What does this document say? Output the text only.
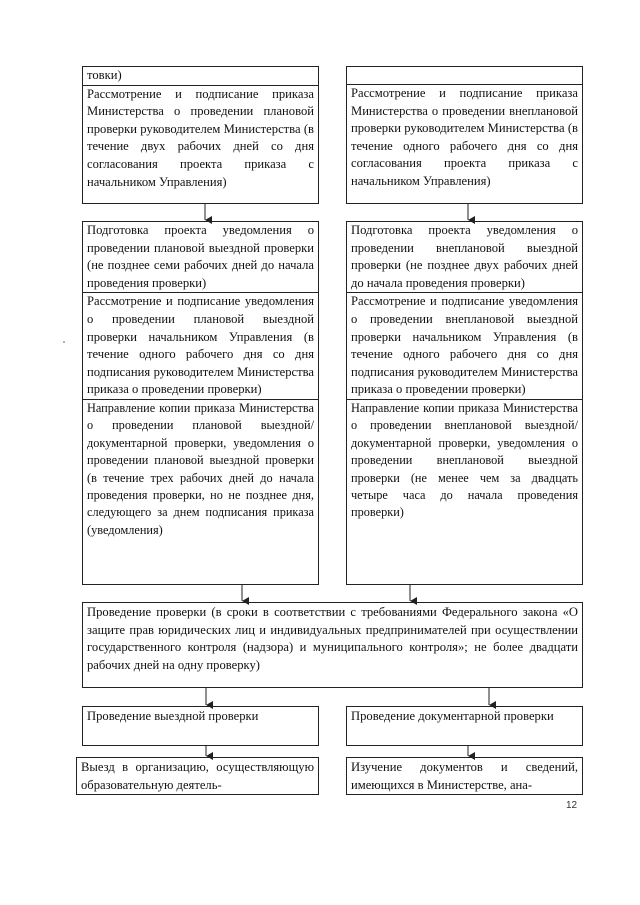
товки)
Рассмотрение и подписание приказа Министерства о проведении плановой проверки руководителем Министерства (в течение двух рабочих дней со дня согласования проекта приказа с начальником Управления)
Рассмотрение и подписание приказа Министерства о проведении внеплановой проверки руководителем Министерства (в течение одного рабочего дня со дня согласования проекта приказа с начальником Управления)
Подготовка проекта уведомления о проведении плановой выездной проверки (не позднее семи рабочих дней до начала проведения проверки)
Рассмотрение и подписание уведомления о проведении плановой выездной проверки начальником Управления (в течение одного рабочего дня со дня подписания руководителем Министерства приказа о проведении проверки)
Направление копии приказа Министерства о проведении плановой выездной/документарной проверки, уведомления о проведении плановой выездной проверки (в течение трех рабочих дней до начала проведения проверки, но не позднее дня, следующего за днем подписания приказа (уведомления)
Подготовка проекта уведомления о проведении внеплановой выездной проверки (не позднее двух рабочих дней до начала проведения проверки)
Рассмотрение и подписание уведомления о проведении внеплановой выездной проверки начальником Управления (в течение одного рабочего дня со дня подписания руководителем Министерства приказа о проведении проверки)
Направление копии приказа Министерства о проведении внеплановой выездной/документарной проверки, уведомления о проведении внеплановой выездной проверки (не менее чем за двадцать четыре часа до начала проведения проверки)
Проведение проверки (в сроки в соответствии с требованиями Федерального закона «О защите прав юридических лиц и индивидуальных предпринимателей при осуществлении государственного контроля (надзора) и муниципального контроля»; не более двадцати рабочих дней на одну проверку)
Проведение выездной проверки	Проведение документарной проверки
Выезд в организацию, осуществляющую образовательную деятель-
Изучение документов и сведений, имеющихся в Министерстве, ана-
12
